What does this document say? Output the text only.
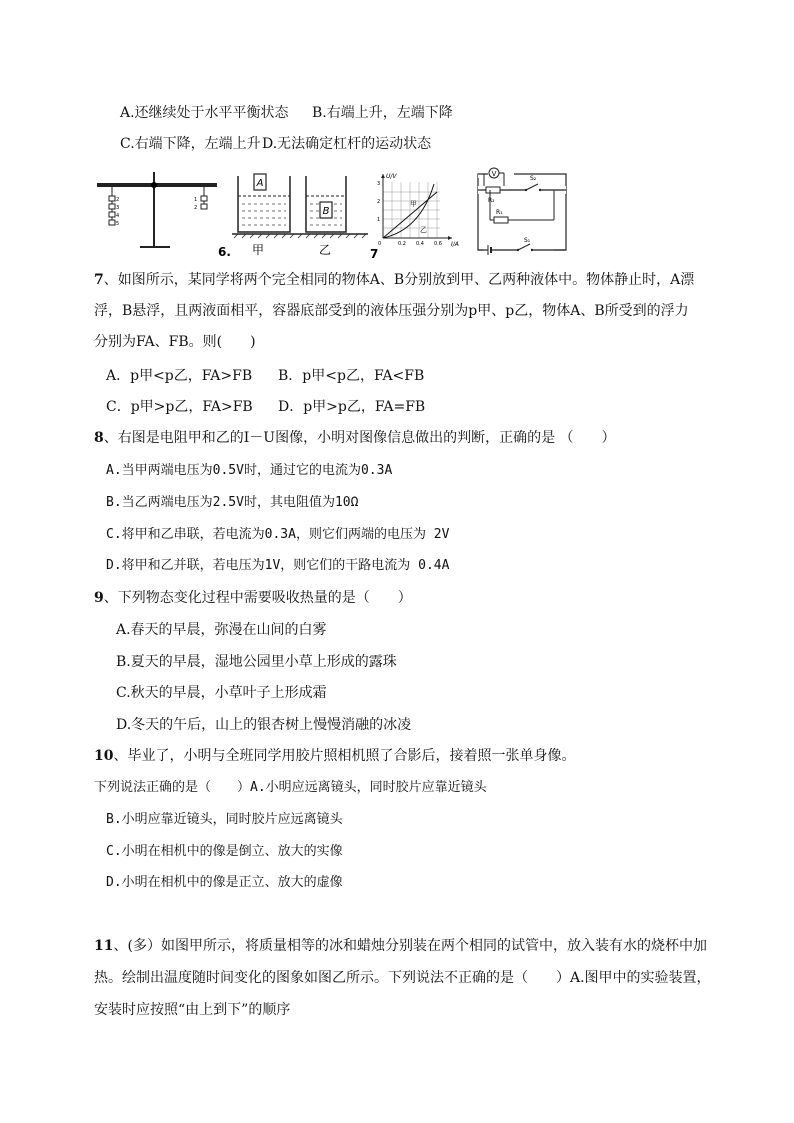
A.还继续处于水平平衡状态 B.右端上升，左端下降
C.右端下降，左端上升 D.无法确定杠杆的运动状态
2
3
4
5
1
2
A
B
6. 甲	乙	7
U/V
I/A
0	0.2 0.4 0.6
1
2
3
甲
乙
V
R₂
S₂
R₁
S₁
7、如图所示，某同学将两个完全相同的物体A、B分别放到甲、乙两种液体中。物体静止时，A漂
浮，B悬浮，且两液面相平，容器底部受到的液体压强分别为p甲、p乙，物体A、B所受到的浮力
分别为FA、FB。则(　　)
A．p甲<p乙，FA>FB B．p甲<p乙，FA<FB
C．p甲>p乙，FA>FB D．p甲>p乙，FA=FB
8、右图是电阻甲和乙的I－U图像，小明对图像信息做出的判断，正确的是 （　　）
A.当甲两端电压为0.5V时，通过它的电流为0.3A
B.当乙两端电压为2.5V时，其电阻值为10Ω
C.将甲和乙串联，若电流为0.3A，则它们两端的电压为 2V
D.将甲和乙并联，若电压为1V，则它们的干路电流为 0.4A
9、下列物态变化过程中需要吸收热量的是（　　）
A.春天的早晨，弥漫在山间的白雾
B.夏天的早晨，湿地公园里小草上形成的露珠
C.秋天的早晨，小草叶子上形成霜
D.冬天的午后，山上的银杏树上慢慢消融的冰凌
10、毕业了，小明与全班同学用胶片照相机照了合影后，接着照一张单身像。
下列说法正确的是（　　）A.小明应远离镜头，同时胶片应靠近镜头
B.小明应靠近镜头，同时胶片应远离镜头
C.小明在相机中的像是倒立、放大的实像
D.小明在相机中的像是正立、放大的虚像
11、(多）如图甲所示，将质量相等的冰和蜡烛分别装在两个相同的试管中，放入装有水的烧杯中加
热。绘制出温度随时间变化的图象如图乙所示。下列说法不正确的是（　　）A.图甲中的实验装置，
安装时应按照“由上到下”的顺序
